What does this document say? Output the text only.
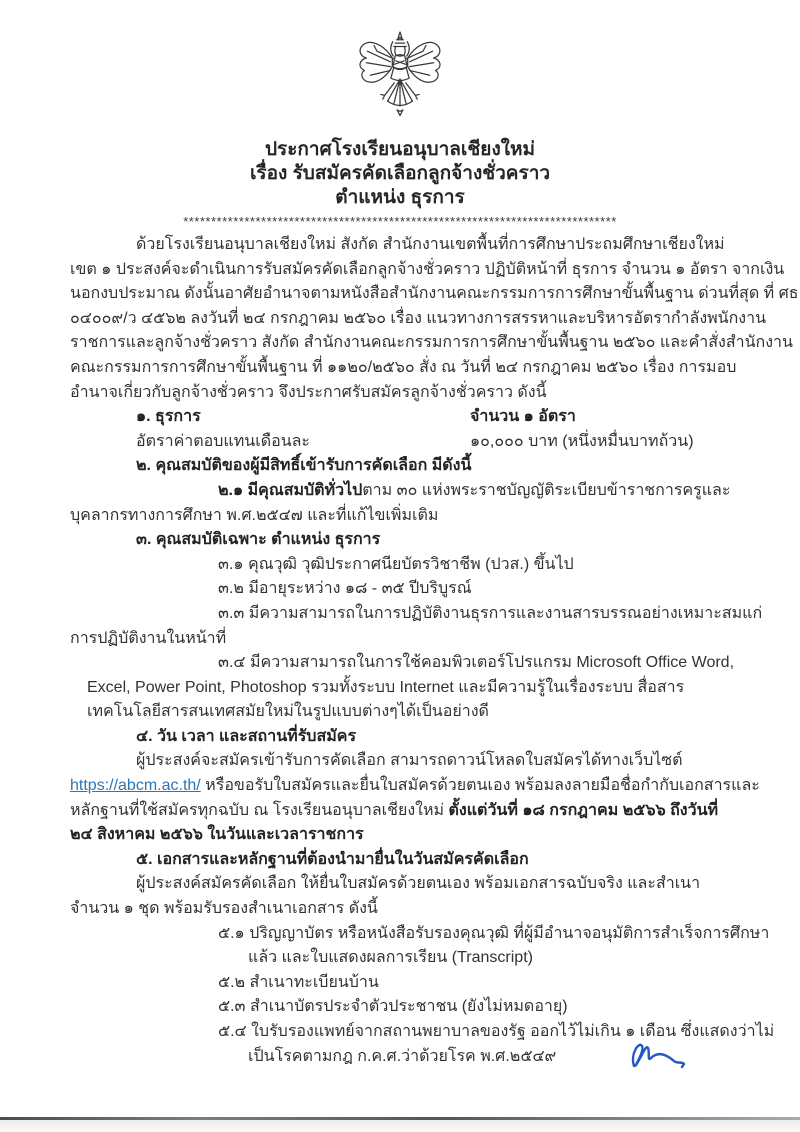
ประกาศโรงเรียนอนุบาลเชียงใหม่
เรื่อง รับสมัครคัดเลือกลูกจ้างชั่วคราว
ตำแหน่ง ธุรการ
******************************************************************************
ด้วยโรงเรียนอนุบาลเชียงใหม่ สังกัด สำนักงานเขตพื้นที่การศึกษาประถมศึกษาเชียงใหม่
เขต ๑ ประสงค์จะดำเนินการรับสมัครคัดเลือกลูกจ้างชั่วคราว ปฏิบัติหน้าที่ ธุรการ จำนวน ๑ อัตรา จากเงิน
นอกงบประมาณ ดังนั้นอาศัยอำนาจตามหนังสือสำนักงานคณะกรรมการการศึกษาขั้นพื้นฐาน ด่วนที่สุด ที่ ศธ
๐๔๐๐๙/ว ๔๕๖๒ ลงวันที่ ๒๔ กรกฎาคม ๒๕๖๐ เรื่อง แนวทางการสรรหาและบริหารอัตรากำลังพนักงาน
ราชการและลูกจ้างชั่วคราว สังกัด สำนักงานคณะกรรมการการศึกษาขั้นพื้นฐาน ๒๕๖๐ และคำสั่งสำนักงาน
คณะกรรมการการศึกษาขั้นพื้นฐาน ที่ ๑๑๒๐/๒๕๖๐ สั่ง ณ วันที่ ๒๔ กรกฎาคม ๒๕๖๐ เรื่อง การมอบ
อำนาจเกี่ยวกับลูกจ้างชั่วคราว จึงประกาศรับสมัครลูกจ้างชั่วคราว ดังนี้
๑. ธุรการ	จำนวน ๑ อัตรา
อัตราค่าตอบแทนเดือนละ	๑๐,๐๐๐ บาท (หนึ่งหมื่นบาทถ้วน)
๒. คุณสมบัติของผู้มีสิทธิ์เข้ารับการคัดเลือก มีดังนี้
๒.๑ มีคุณสมบัติทั่วไปตาม ๓๐ แห่งพระราชบัญญัติระเบียบข้าราชการครูและ
บุคลากรทางการศึกษา พ.ศ.๒๕๔๗ และที่แก้ไขเพิ่มเติม
๓. คุณสมบัติเฉพาะ ตำแหน่ง ธุรการ
๓.๑ คุณวุฒิ วุฒิประกาศนียบัตรวิชาชีพ (ปวส.) ขึ้นไป
๓.๒ มีอายุระหว่าง ๑๘ - ๓๕ ปีบริบูรณ์
๓.๓ มีความสามารถในการปฏิบัติงานธุรการและงานสารบรรณอย่างเหมาะสมแก่
การปฏิบัติงานในหน้าที่
๓.๔ มีความสามารถในการใช้คอมพิวเตอร์โปรแกรม Microsoft Office Word,
Excel, Power Point, Photoshop รวมทั้งระบบ Internet และมีความรู้ในเรื่องระบบ สื่อสาร
เทคโนโลยีสารสนเทศสมัยใหม่ในรูปแบบต่างๆได้เป็นอย่างดี
๔. วัน เวลา และสถานที่รับสมัคร
ผู้ประสงค์จะสมัครเข้ารับการคัดเลือก สามารถดาวน์โหลดใบสมัครได้ทางเว็บไซต์
https://abcm.ac.th/ หรือขอรับใบสมัครและยื่นใบสมัครด้วยตนเอง พร้อมลงลายมือชื่อกำกับเอกสารและ
หลักฐานที่ใช้สมัครทุกฉบับ ณ โรงเรียนอนุบาลเชียงใหม่ ตั้งแต่วันที่ ๑๘ กรกฎาคม ๒๕๖๖ ถึงวันที่
๒๔ สิงหาคม ๒๕๖๖ ในวันและเวลาราชการ
๕. เอกสารและหลักฐานที่ต้องนำมายื่นในวันสมัครคัดเลือก
ผู้ประสงค์สมัครคัดเลือก ให้ยื่นใบสมัครด้วยตนเอง พร้อมเอกสารฉบับจริง และสำเนา
จำนวน ๑ ชุด พร้อมรับรองสำเนาเอกสาร ดังนี้
๕.๑ ปริญญาบัตร หรือหนังสือรับรองคุณวุฒิ ที่ผู้มีอำนาจอนุมัติการสำเร็จการศึกษา
แล้ว และใบแสดงผลการเรียน (Transcript)
๕.๒ สำเนาทะเบียนบ้าน
๕.๓ สำเนาบัตรประจำตัวประชาชน (ยังไม่หมดอายุ)
๕.๔ ใบรับรองแพทย์จากสถานพยาบาลของรัฐ ออกไว้ไม่เกิน ๑ เดือน ซึ่งแสดงว่าไม่
เป็นโรคตามกฎ ก.ค.ศ.ว่าด้วยโรค พ.ศ.๒๕๔๙
